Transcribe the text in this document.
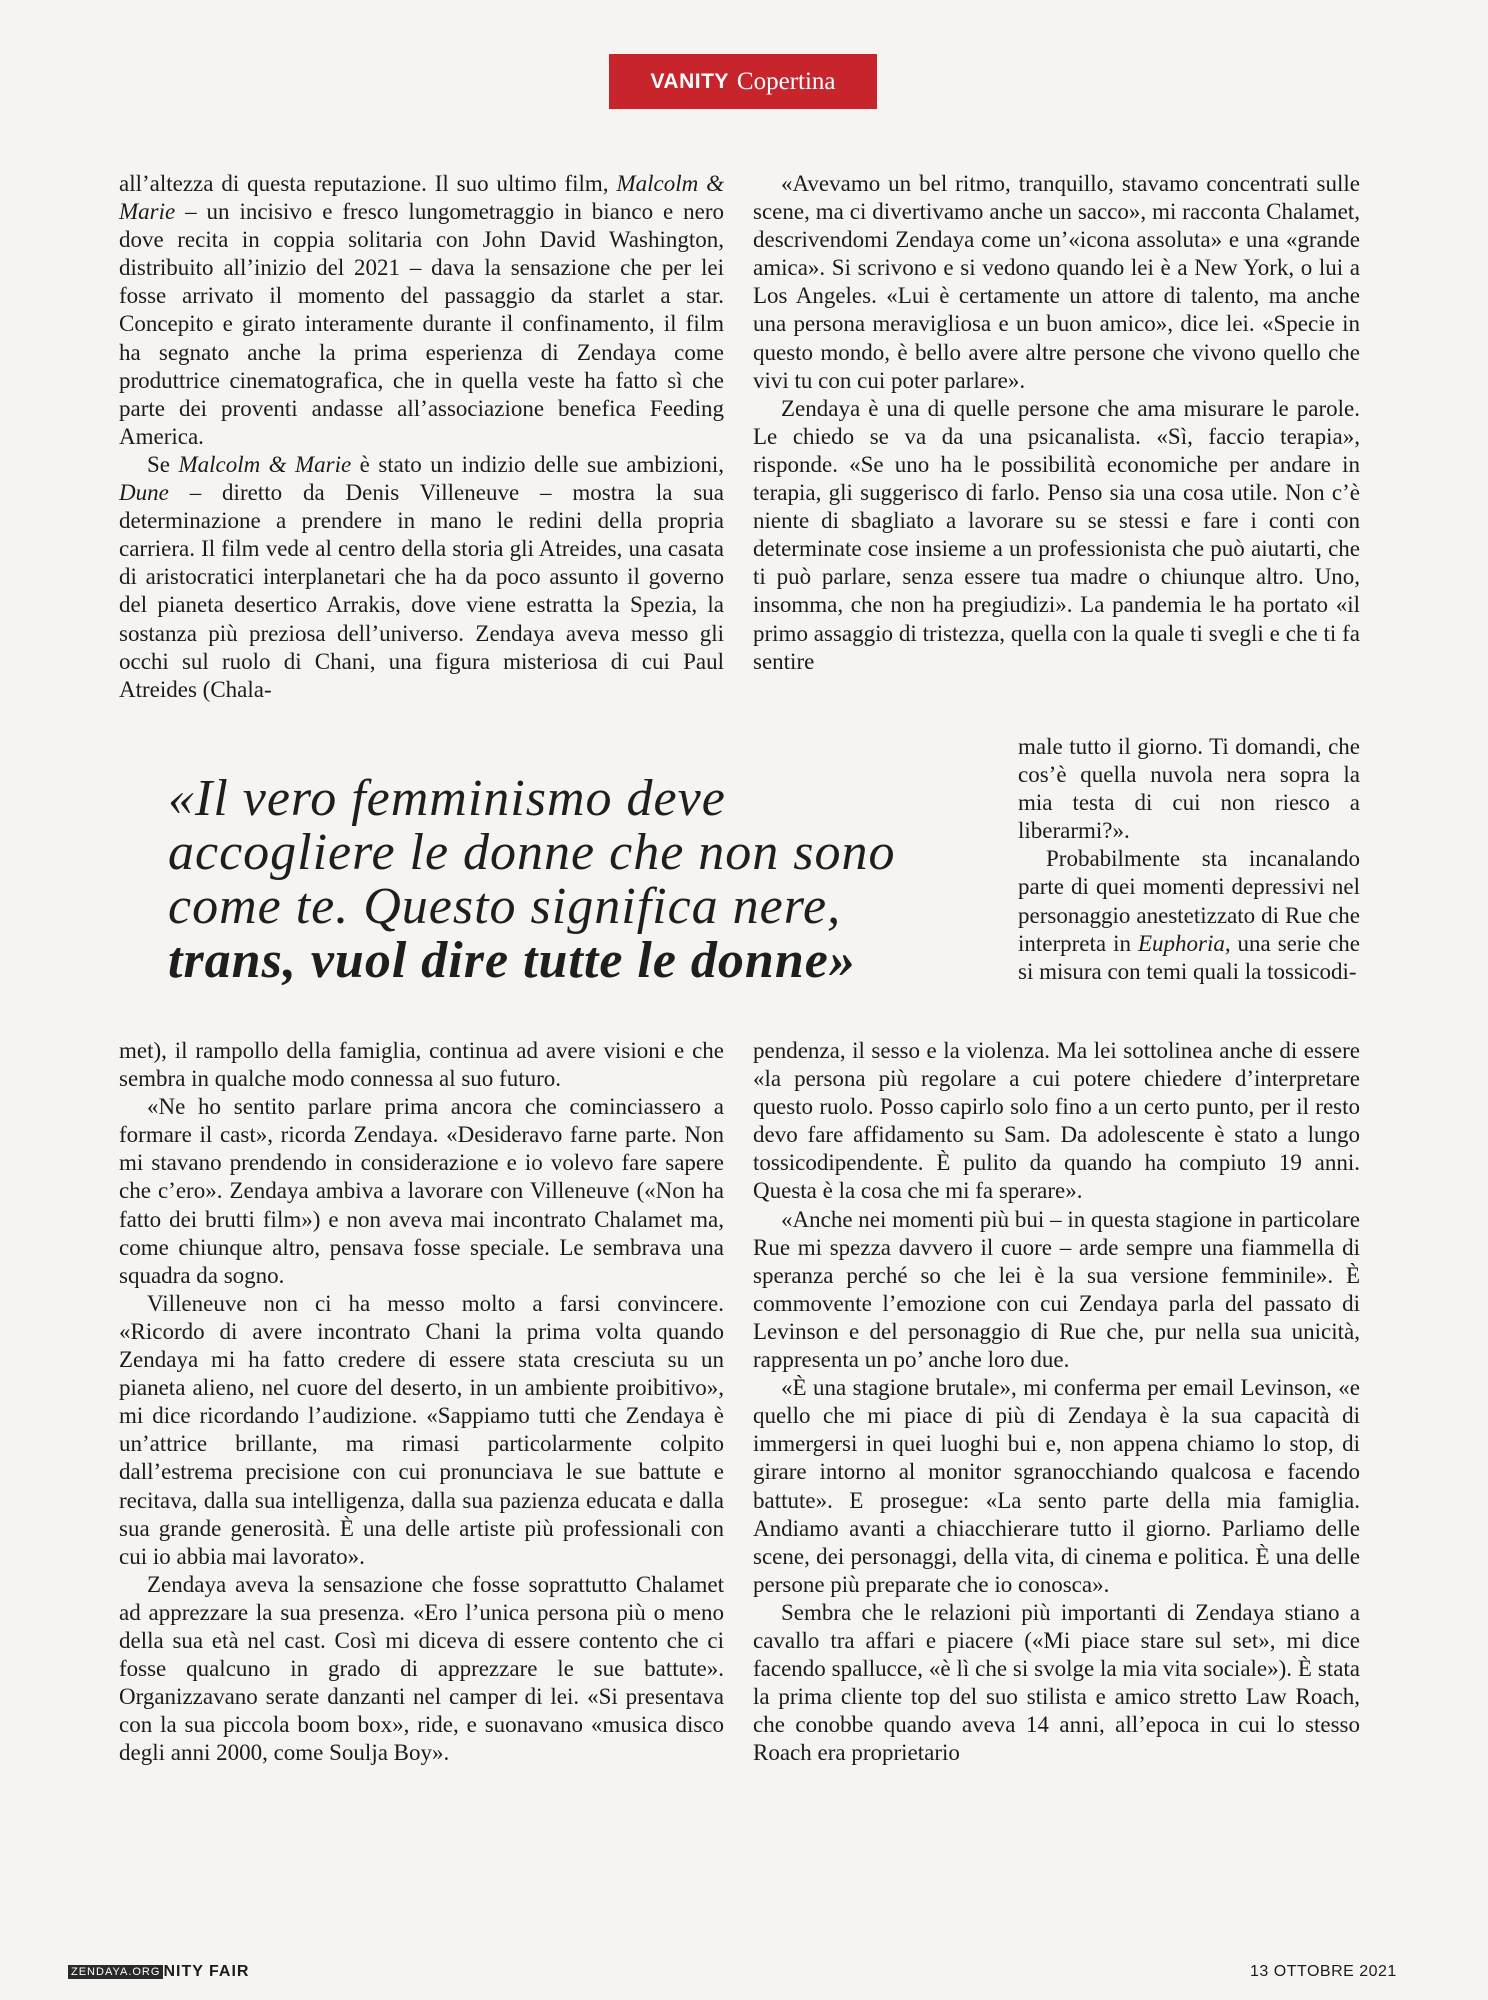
VANITY Copertina

all’altezza di questa reputazione. Il suo ultimo film, Malcolm & Marie – un incisivo e fresco lungometraggio in bianco e nero dove recita in coppia solitaria con John David Washington, distribuito all’inizio del 2021 – dava la sensazione che per lei fosse arrivato il momento del passaggio da starlet a star. Concepito e girato interamente durante il confinamento, il film ha segnato anche la prima esperienza di Zendaya come produttrice cinematografica, che in quella veste ha fatto sì che parte dei proventi andasse all’associazione benefica Feeding America.

Se Malcolm & Marie è stato un indizio delle sue ambizioni, Dune – diretto da Denis Villeneuve – mostra la sua determinazione a prendere in mano le redini della propria carriera. Il film vede al centro della storia gli Atreides, una casata di aristocratici interplanetari che ha da poco assunto il governo del pianeta desertico Arrakis, dove viene estratta la Spezia, la sostanza più preziosa dell’universo. Zendaya aveva messo gli occhi sul ruolo di Chani, una figura misteriosa di cui Paul Atreides (Chala-

«Il vero femminismo deve
accogliere le donne che non sono
come te. Questo significa nere,
trans, vuol dire tutte le donne»

met), il rampollo della famiglia, continua ad avere visioni e che sembra in qualche modo connessa al suo futuro.

«Ne ho sentito parlare prima ancora che cominciassero a formare il cast», ricorda Zendaya. «Desideravo farne parte. Non mi stavano prendendo in considerazione e io volevo fare sapere che c’ero». Zendaya ambiva a lavorare con Villeneuve («Non ha fatto dei brutti film») e non aveva mai incontrato Chalamet ma, come chiunque altro, pensava fosse speciale. Le sembrava una squadra da sogno.

Villeneuve non ci ha messo molto a farsi convincere. «Ricordo di avere incontrato Chani la prima volta quando Zendaya mi ha fatto credere di essere stata cresciuta su un pianeta alieno, nel cuore del deserto, in un ambiente proibitivo», mi dice ricordando l’audizione. «Sappiamo tutti che Zendaya è un’attrice brillante, ma rimasi particolarmente colpito dall’estrema precisione con cui pronunciava le sue battute e recitava, dalla sua intelligenza, dalla sua pazienza educata e dalla sua grande generosità. È una delle artiste più professionali con cui io abbia mai lavorato».

Zendaya aveva la sensazione che fosse soprattutto Chalamet ad apprezzare la sua presenza. «Ero l’unica persona più o meno della sua età nel cast. Così mi diceva di essere contento che ci fosse qualcuno in grado di apprezzare le sue battute». Organizzavano serate danzanti nel camper di lei. «Si presentava con la sua piccola boom box», ride, e suonavano «musica disco degli anni 2000, come Soulja Boy».

«Avevamo un bel ritmo, tranquillo, stavamo concentrati sulle scene, ma ci divertivamo anche un sacco», mi racconta Chalamet, descrivendomi Zendaya come un’«icona assoluta» e una «grande amica». Si scrivono e si vedono quando lei è a New York, o lui a Los Angeles. «Lui è certamente un attore di talento, ma anche una persona meravigliosa e un buon amico», dice lei. «Specie in questo mondo, è bello avere altre persone che vivono quello che vivi tu con cui poter parlare».

Zendaya è una di quelle persone che ama misurare le parole. Le chiedo se va da una psicanalista. «Sì, faccio terapia», risponde. «Se uno ha le possibilità economiche per andare in terapia, gli suggerisco di farlo. Penso sia una cosa utile. Non c’è niente di sbagliato a lavorare su se stessi e fare i conti con determinate cose insieme a un professionista che può aiutarti, che ti può parlare, senza essere tua madre o chiunque altro. Uno, insomma, che non ha pregiudizi». La pandemia le ha portato «il primo assaggio di tristezza, quella con la quale ti svegli e che ti fa sentire

male tutto il giorno. Ti domandi, che cos’è quella nuvola nera sopra la mia testa di cui non riesco a liberarmi?».

Probabilmente sta incanalando parte di quei momenti depressivi nel personaggio anestetizzato di Rue che interpreta in Euphoria, una serie che si misura con temi quali la tossicodi-

pendenza, il sesso e la violenza. Ma lei sottolinea anche di essere «la persona più regolare a cui potere chiedere d’interpretare questo ruolo. Posso capirlo solo fino a un certo punto, per il resto devo fare affidamento su Sam. Da adolescente è stato a lungo tossicodipendente. È pulito da quando ha compiuto 19 anni. Questa è la cosa che mi fa sperare».

«Anche nei momenti più bui – in questa stagione in particolare Rue mi spezza davvero il cuore – arde sempre una fiammella di speranza perché so che lei è la sua versione femminile». È commovente l’emozione con cui Zendaya parla del passato di Levinson e del personaggio di Rue che, pur nella sua unicità, rappresenta un po’ anche loro due.

«È una stagione brutale», mi conferma per email Levinson, «e quello che mi piace di più di Zendaya è la sua capacità di immergersi in quei luoghi bui e, non appena chiamo lo stop, di girare intorno al monitor sgranocchiando qualcosa e facendo battute». E prosegue: «La sento parte della mia famiglia. Andiamo avanti a chiacchierare tutto il giorno. Parliamo delle scene, dei personaggi, della vita, di cinema e politica. È una delle persone più preparate che io conosca».

Sembra che le relazioni più importanti di Zendaya stiano a cavallo tra affari e piacere («Mi piace stare sul set», mi dice facendo spallucce, «è lì che si svolge la mia vita sociale»). È stata la prima cliente top del suo stilista e amico stretto Law Roach, che conobbe quando aveva 14 anni, all’epoca in cui lo stesso Roach era proprietario

ZENDAYA.ORG NITY FAIR	13 OTTOBRE 2021
